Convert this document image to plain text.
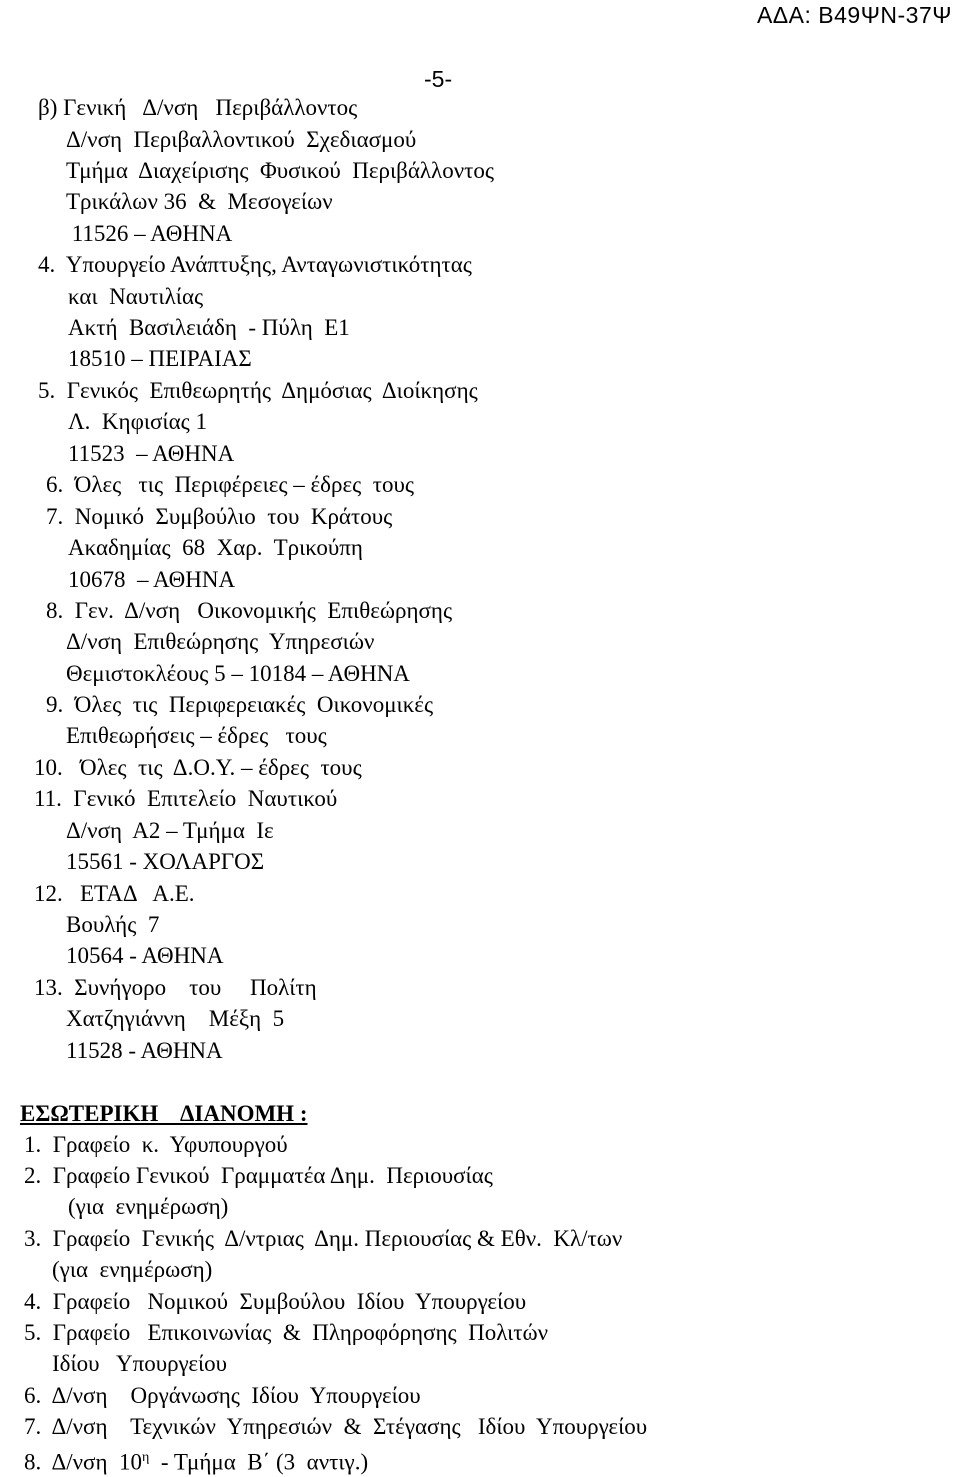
ΑΔΑ: Β49ΨΝ-37Ψ
-5-
β) Γενική   Δ/νση   Περιβάλλοντος
Δ/νση  Περιβαλλοντικού  Σχεδιασμού
Τμήμα  Διαχείρισης  Φυσικού  Περιβάλλοντος
Τρικάλων 36  &  Μεσογείων
11526 – ΑΘΗΝΑ
4.  Υπουργείο Ανάπτυξης, Ανταγωνιστικότητας
και  Ναυτιλίας
Ακτή  Βασιλειάδη  - Πύλη  Ε1
18510 – ΠΕΙΡΑΙΑΣ
5.  Γενικός  Επιθεωρητής  Δημόσιας  Διοίκησης
Λ.  Κηφισίας 1
11523  – ΑΘΗΝΑ
6.  Όλες   τις  Περιφέρειες – έδρες  τους
7.  Νομικό  Συμβούλιο  του  Κράτους
Ακαδημίας  68  Χαρ.  Τρικούπη
10678  – ΑΘΗΝΑ
8.  Γεν.  Δ/νση   Οικονομικής  Επιθεώρησης
Δ/νση  Επιθεώρησης  Υπηρεσιών
Θεμιστοκλέους 5 – 10184 – ΑΘΗΝΑ
9.  Όλες  τις  Περιφερειακές  Οικονομικές
Επιθεωρήσεις – έδρες   τους
10.   Όλες  τις  Δ.Ο.Υ. – έδρες  τους
11.  Γενικό  Επιτελείο  Ναυτικού
Δ/νση  Α2 – Τμήμα  Ιε
15561 - ΧΟΛΑΡΓΟΣ
12.   ΕΤΑΔ   Α.Ε.
Βουλής  7
10564 - ΑΘΗΝΑ
13.  Συνήγορο    του     Πολίτη
Χατζηγιάννη    Μέξη  5
11528 - ΑΘΗΝΑ
ΕΣΩΤΕΡΙΚΗ    ΔΙΑΝΟΜΗ :
1.  Γραφείο  κ.  Υφυπουργού
2.  Γραφείο Γενικού  Γραμματέα Δημ.  Περιουσίας
(για  ενημέρωση)
3.  Γραφείο  Γενικής  Δ/ντριας  Δημ. Περιουσίας & Εθν.  Κλ/των
(για  ενημέρωση)
4.  Γραφείο   Νομικού  Συμβούλου  Ιδίου  Υπουργείου
5.  Γραφείο   Επικοινωνίας  &  Πληροφόρησης  Πολιτών
Ιδίου   Υπουργείου
6.  Δ/νση    Οργάνωσης  Ιδίου  Υπουργείου
7.  Δ/νση    Τεχνικών  Υπηρεσιών  &  Στέγασης   Ιδίου  Υπουργείου
8.  Δ/νση  $10^\eta$  - Τμήμα  Β΄ (3  αντιγ.)
